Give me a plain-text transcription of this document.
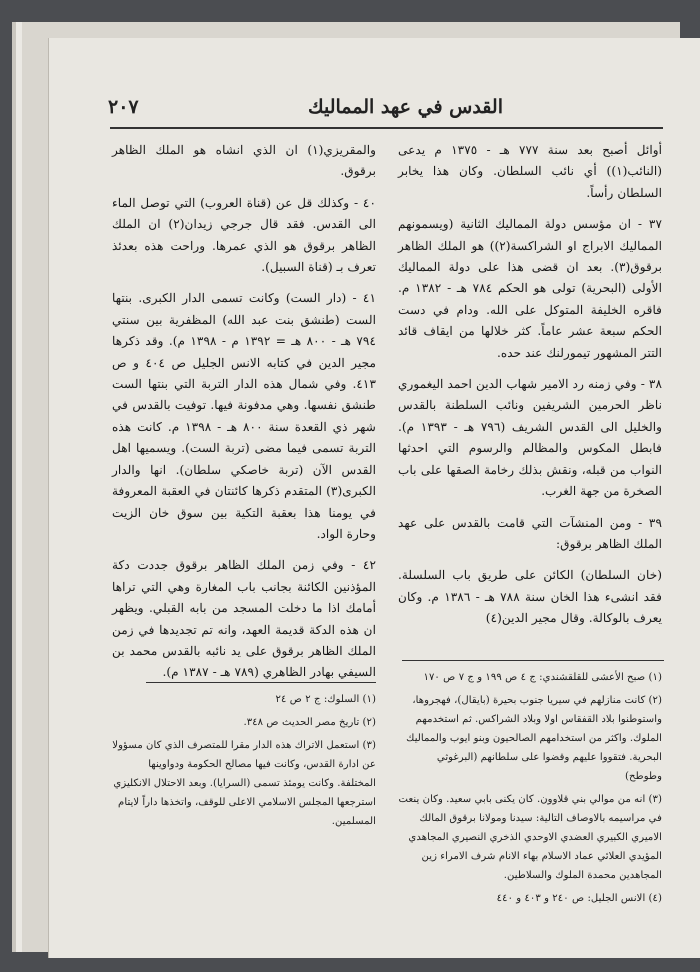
القدس في عهد المماليك
٢٠٧

أوائل أصبح بعد سنة ٧٧٧ هـ - ١٣٧٥ م يدعى (النائب(١)) أي نائب السلطان. وكان هذا يخابر السلطان رأساً.

٣٧ - ان مؤسس دولة المماليك الثانية (ويسمونهم المماليك الابراج او الشراكسة(٢)) هو الملك الظاهر برقوق(٣). بعد ان قضى هذا على دولة المماليك الأولى (البحرية) تولى هو الحكم ٧٨٤ هـ - ١٣٨٢ م. فاقره الخليفة المتوكل على الله. ودام في دست الحكم سبعة عشر عاماً. كثر خلالها من ايقاف قائد التتر المشهور تيمورلنك عند حده.

٣٨ - وفي زمنه رد الامير شهاب الدين احمد اليغموري ناظر الحرمين الشريفين ونائب السلطنة بالقدس والخليل الى القدس الشريف (٧٩٦ هـ - ١٣٩٣ م). فابطل المكوس والمظالم والرسوم التي احدثها النواب من قبله، ونقش بذلك رخامة الصقها على باب الصخرة من جهة الغرب.

٣٩ - ومن المنشآت التي قامت بالقدس على عهد الملك الظاهر برقوق:

(خان السلطان) الكائن على طريق باب السلسلة. فقد انشىء هذا الخان سنة ٧٨٨ هـ - ١٣٨٦ م. وكان يعرف بالوكالة. وقال مجير الدين(٤)

والمقريزي(١) ان الذي انشاه هو الملك الظاهر برقوق.

٤٠ - وكذلك قل عن (قناة العروب) التي توصل الماء الى القدس. فقد قال جرجي زيدان(٢) ان الملك الظاهر برقوق هو الذي عمرها. وراحت هذه بعدئذ تعرف بـ (قناة السبيل).

٤١ - (دار الست) وكانت تسمى الدار الكبرى. بنتها الست (طنشق بنت عبد الله) المظفرية بين سنتي ٧٩٤ هـ - ٨٠٠ هـ = ١٣٩٢ م - ١٣٩٨ م). وقد ذكرها مجير الدين في كتابه الانس الجليل ص ٤٠٤ و ص ٤١٣. وفي شمال هذه الدار التربة التي بنتها الست طنشق نفسها. وهي مدفونة فيها. توفيت بالقدس في شهر ذي القعدة سنة ٨٠٠ هـ - ١٣٩٨ م. كانت هذه التربة تسمى فيما مضى (تربة الست). ويسميها اهل القدس الآن (تربة خاصكي سلطان). انها والدار الكبرى(٣) المتقدم ذكرها كائنتان في العقبة المعروفة في يومنا هذا بعقبة التكية بين سوق خان الزيت وحارة الواد.

٤٢ - وفي زمن الملك الظاهر برقوق جددت دكة المؤذنين الكائنة بجانب باب المغارة وهي التي تراها أمامك اذا ما دخلت المسجد من بابه القبلي. ويظهر ان هذه الدكة قديمة العهد، وانه تم تجديدها في زمن الملك الظاهر برقوق على يد نائبه بالقدس محمد بن السيفي بهادر الظاهري (٧٨٩ هـ - ١٣٨٧ م).	(١) صبح الأعشى للقلقشندي: ج ٤ ص ١٩٩ و ج ٧ ص ١٧٠

(٢) كانت منازلهم في سيريا جنوب بحيرة (بايقال)، فهجروها، واستوطنوا بلاد القفقاس اولا وبلاد الشراكس. ثم استخدمهم الملوك. واكثر من استخدامهم الصالحيون وبنو ايوب والمماليك البحرية. فتقووا عليهم وقضوا على سلطانهم (البرغوثي وطوطح)

(٣) انه من موالي بني قلاوون. كان يكنى بابي سعيد. وكان ينعت في مراسيمه بالاوصاف التالية: سيدنا ومولانا برقوق المالك الاميري الكبيري العضدي الاوحدي الذخري النصيري المجاهدي المؤيدي العلائي عماد الاسلام بهاء الانام شرف الامراء زين المجاهدين محمدة الملوك والسلاطين.

(٤) الانس الجليل: ص ٢٤٠ و ٤٠٣ و ٤٤٠

(١) السلوك: ج ٢ ص ٢٤

(٢) تاريخ مصر الحديث ص ٣٤٨.

(٣) استعمل الاتراك هذه الدار مقرا للمتصرف الذي كان مسؤولا عن ادارة القدس، وكانت فيها مصالح الحكومة ودواوينها المختلفة. وكانت يومئذ تسمى (السرايا). وبعد الاحتلال الانكليزي استرجعها المجلس الاسلامي الاعلى للوقف، واتخذها داراً لايتام المسلمين.
